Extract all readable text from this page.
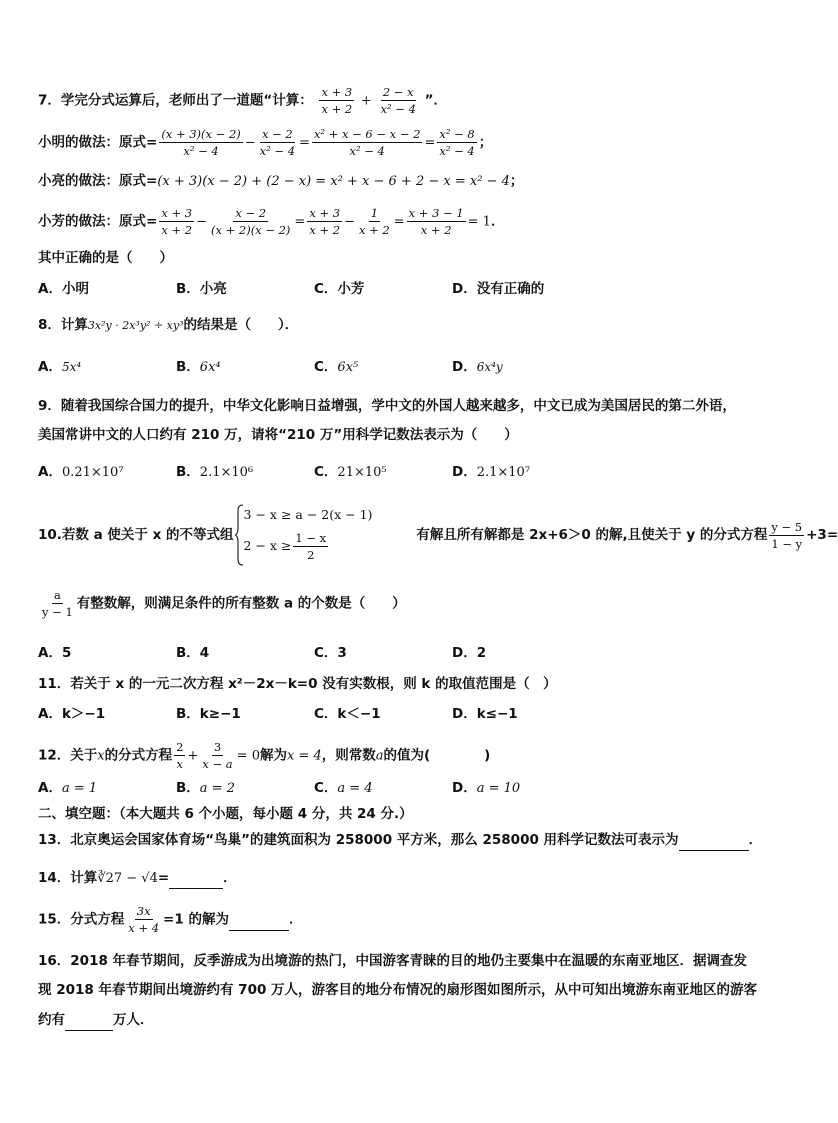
7．学完分式运算后，老师出了一道题“计算： $\frac{x + 3}{x + 2} + \frac{2 - x}{\text{x² − 4}}$ ”．
小明的做法：原式= $\frac{(x + 3)(x - 2)}{\text{x² − 4}} - \frac{x - 2}{\text{x² − 4}} = \frac{\text{x² + x − 6 − x − 2}}{\text{x² − 4}} = \frac{\text{x² − 8}}{\text{x² − 4}}$ ；
小亮的做法：原式=(x + 3)(x − 2) + (2 − x) = x² + x − 6 + 2 − x = x² − 4；
小芳的做法：原式= $\frac{x + 3}{x + 2} - \frac{x - 2}{(x + 2)(x - 2)} = \frac{x + 3}{x + 2} - \frac{1}{x + 2} = \frac{x + 3 - 1}{x + 2} = 1$．
其中正确的是（　　）
A．小明	B．小亮	C．小芳	D．没有正确的
8．计算3x²y · 2x³y² ÷ xy³的结果是（　　）．
A．5x⁴	B．6x⁴	C．6x⁵	D．6x⁴y
9．随着我国综合国力的提升，中华文化影响日益增强，学中文的外国人越来越多，中文已成为美国居民的第二外语，
美国常讲中文的人口约有 210 万，请将“210 万”用科学记数法表示为（　　）
A．0.21×10⁷	B．2.1×10⁶	C．21×10⁵	D．2.1×10⁷
10.若数 a 使关于 x 的不等式组
3 − x ≥ a − 2(x − 1)
$2 - x \ge \frac{1 - x}{2}$	有解且所有解都是 2x+6＞0 的解,且使关于 y 的分式方程 $\frac{y - 5}{1 - y} +3=$
$\frac{a}{y - 1}$ 有整数解，则满足条件的所有整数 a 的个数是（　　）
A．5	B．4	C．3	D．2
11．若关于 x 的一元二次方程 x²－2x－k=0 没有实数根，则 k 的取值范围是（　）
A．k＞−1	B．k≥−1	C．k＜−1	D．k≤−1
12．关于x的分式方程 $\frac{2}{x} + \frac{3}{x - a} = 0$解为x = 4，则常数a的值为(　　　　)
A．a = 1	B．a = 2	C．a = 4	D．a = 10
二、填空题：（本大题共 6 个小题，每小题 4 分，共 24 分.）
13．北京奥运会国家体育场“鸟巢”的建筑面积为 258000 平方米，那么 258000 用科学记数法可表示为	．
14．计算∛27 − √4=	．
15．分式方程 $\frac{3x}{x + 4} =1$ 的解为	．
16．2018 年春节期间，反季游成为出境游的热门，中国游客青睐的目的地仍主要集中在温暖的东南亚地区．据调查发
现 2018 年春节期间出境游约有 700 万人，游客目的地分布情况的扇形图如图所示，从中可知出境游东南亚地区的游客
约有	万人．
